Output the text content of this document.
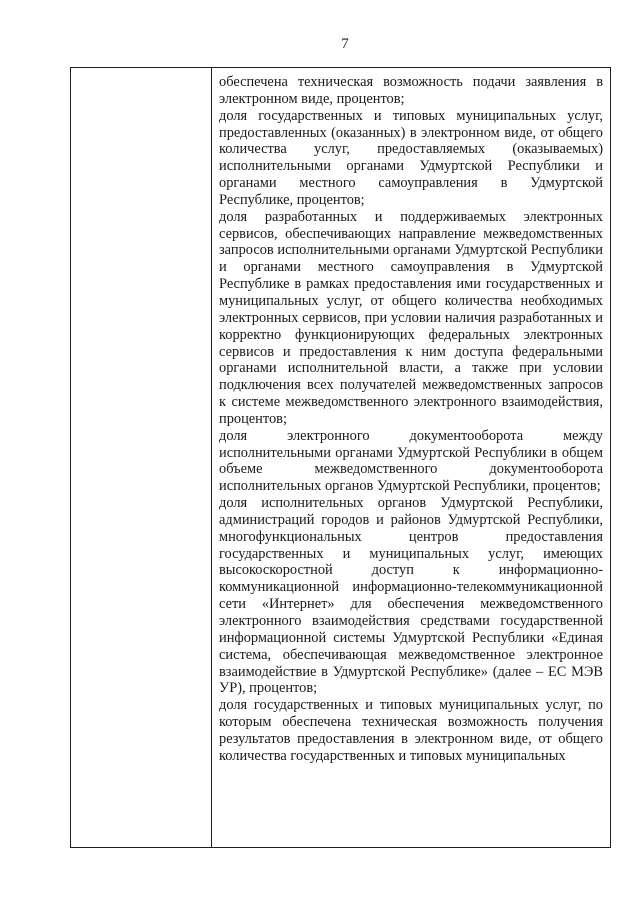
7

обеспечена техническая возможность подачи заявления в электронном виде, процентов;

доля государственных и типовых муниципальных услуг, предоставленных (оказанных) в электронном виде, от общего количества услуг, предоставляемых (оказываемых) исполнительными органами Удмуртской Республики и органами местного самоуправления в Удмуртской Республике, процентов;

доля разработанных и поддерживаемых электронных сервисов, обеспечивающих направление межведомственных запросов исполнительными органами Удмуртской Республики и органами местного самоуправления в Удмуртской Республике в рамках предоставления ими государственных и муниципальных услуг, от общего количества необходимых электронных сервисов, при условии наличия разработанных и корректно функционирующих федеральных электронных сервисов и предоставления к ним доступа федеральными органами исполнительной власти, а также при условии подключения всех получателей межведомственных запросов к системе межведомственного электронного взаимодействия, процентов;

доля электронного документооборота между исполнительными органами Удмуртской Республики в общем объеме межведомственного документооборота исполнительных органов Удмуртской Республики, процентов;

доля исполнительных органов Удмуртской Республики, администраций городов и районов Удмуртской Республики, многофункциональных центров предоставления государственных и муниципальных услуг, имеющих высокоскоростной доступ к информационно-коммуникационной информационно-телекоммуникационной сети «Интернет» для обеспечения межведомственного электронного взаимодействия средствами государственной информационной системы Удмуртской Республики «Единая система, обеспечивающая межведомственное электронное взаимодействие в Удмуртской Республике» (далее – ЕС МЭВ УР), процентов;

доля государственных и типовых муниципальных услуг, по которым обеспечена техническая возможность получения результатов предоставления в электронном виде, от общего количества государственных и типовых муниципальных
